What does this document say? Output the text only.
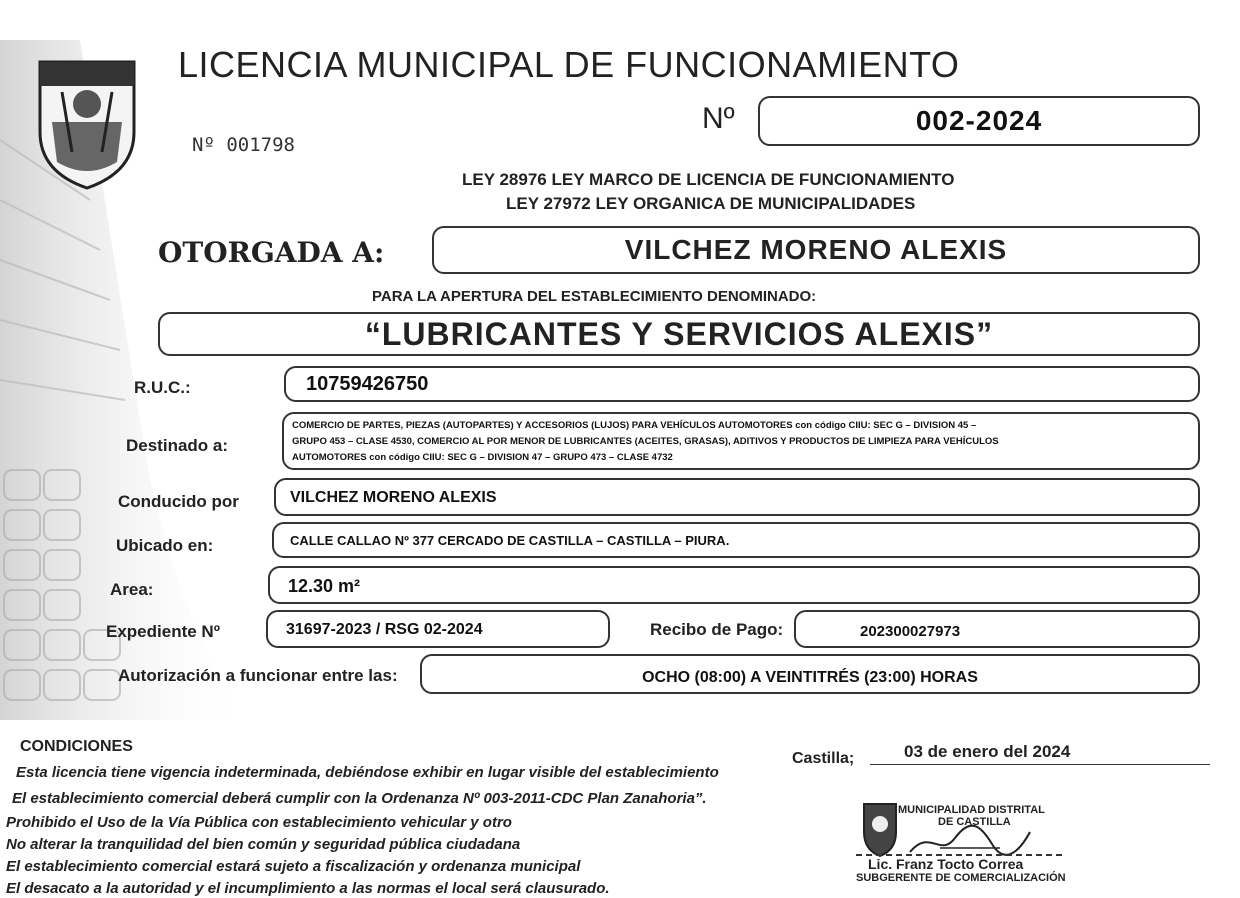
LICENCIA MUNICIPAL DE FUNCIONAMIENTO
Nº 001798
Nº	002-2024
LEY 28976 LEY MARCO DE LICENCIA DE FUNCIONAMIENTO
LEY 27972 LEY ORGANICA DE MUNICIPALIDADES
OTORGADA A:	VILCHEZ MORENO ALEXIS
PARA LA APERTURA DEL ESTABLECIMIENTO DENOMINADO:
“LUBRICANTES Y SERVICIOS ALEXIS”
R.U.C.:	10759426750
Destinado a:
COMERCIO DE PARTES, PIEZAS (AUTOPARTES) Y ACCESORIOS (LUJOS) PARA VEHÍCULOS AUTOMOTORES con código CIIU: SEC G – DIVISION 45 –
GRUPO 453 – CLASE 4530, COMERCIO AL POR MENOR DE LUBRICANTES (ACEITES, GRASAS), ADITIVOS Y PRODUCTOS DE LIMPIEZA PARA VEHÍCULOS
AUTOMOTORES con código CIIU: SEC G – DIVISION 47 – GRUPO 473 – CLASE 4732
Conducido por	VILCHEZ MORENO ALEXIS
Ubicado en:	CALLE CALLAO Nº 377 CERCADO DE CASTILLA – CASTILLA – PIURA.
Area:	12.30 m²
Expediente Nº	31697-2023 / RSG 02-2024	Recibo de Pago:	202300027973
Autorización a funcionar entre las:	OCHO (08:00) A VEINTITRÉS (23:00) HORAS
CONDICIONES
Esta licencia tiene vigencia indeterminada, debiéndose exhibir en lugar visible del establecimiento
El establecimiento comercial deberá cumplir con la Ordenanza Nº 003-2011-CDC Plan Zanahoria”.
Prohibido el Uso de la Vía Pública con establecimiento vehicular y otro
No alterar la tranquilidad del bien común y seguridad pública ciudadana
El establecimiento comercial estará sujeto a fiscalización y ordenanza municipal
El desacato a la autoridad y el incumplimiento a las normas el local será clausurado.
Castilla;	03 de enero del 2024
MUNICIPALIDAD DISTRITAL
DE CASTILLA
Lic. Franz Tocto Correa
SUBGERENTE DE COMERCIALIZACIÓN
